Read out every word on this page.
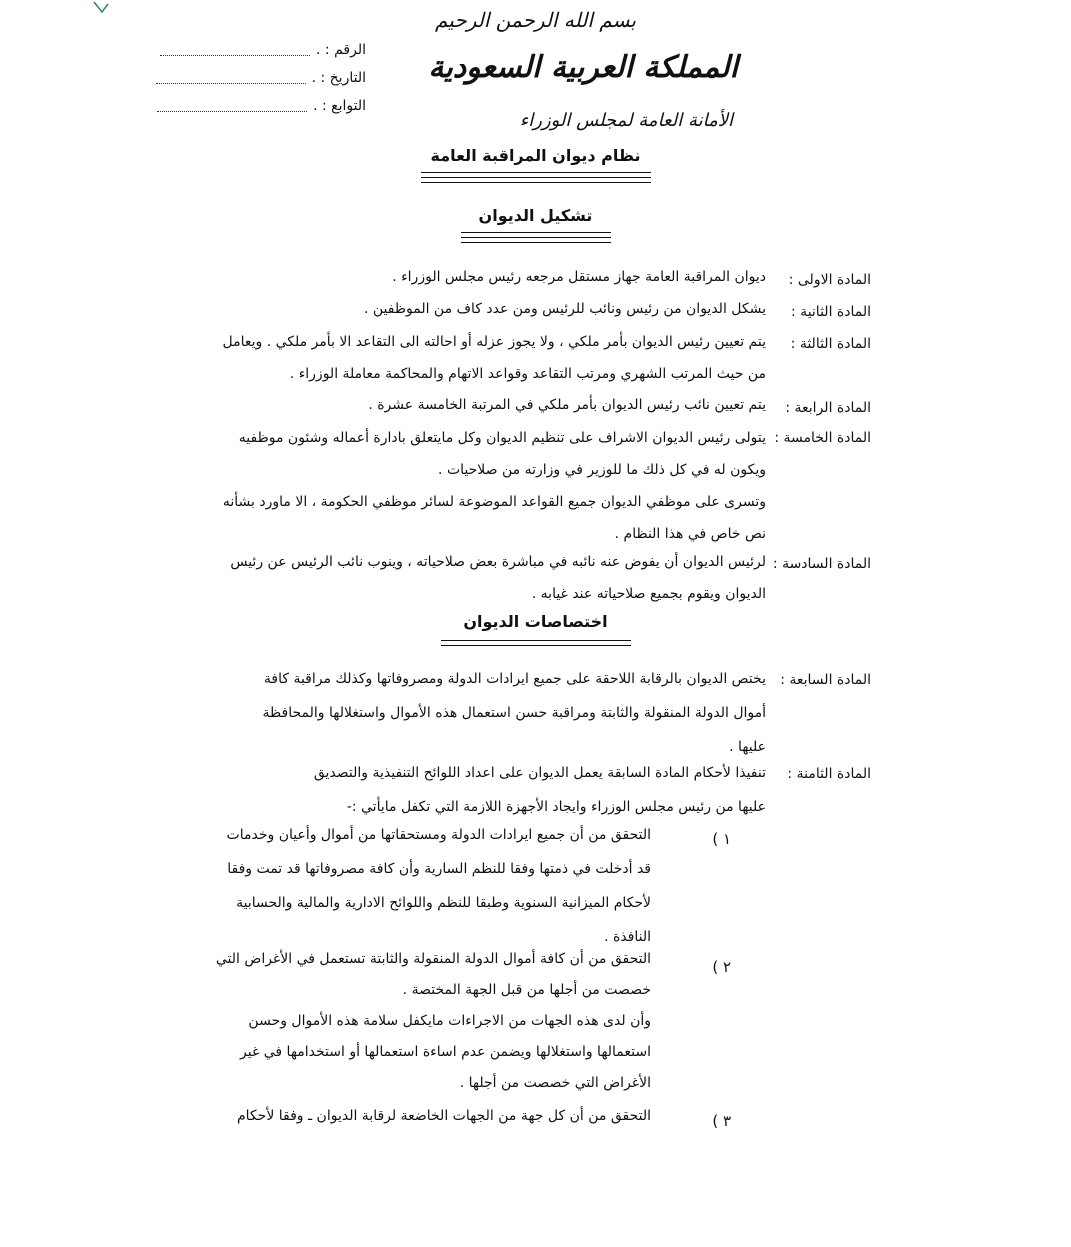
بسم الله الرحمن الرحيم
المملكة العربية السعودية
الأمانة العامة لمجلس الوزراء
الرقم : .
التاريخ : .
التوابع : .
نظام ديوان المراقبة العامة
تشكيل الديوان
المادة الاولى :
ديوان المراقبة العامة جهاز مستقل مرجعه رئيس مجلس الوزراء .
المادة الثانية :
يشكل الديوان من رئيس ونائب للرئيس ومن عدد كاف من الموظفين .
المادة الثالثة :
يتم تعيين رئيس الديوان بأمر ملكي ، ولا يجوز عزله أو احالته الى التقاعد الا بأمر ملكي . ويعامل
من حيث المرتب الشهري ومرتب التقاعد وقواعد الاتهام والمحاكمة معاملة الوزراء .
المادة الرابعة :
يتم تعيين نائب رئيس الديوان بأمر ملكي في المرتبة الخامسة عشرة .
المادة الخامسة :
يتولى رئيس الديوان الاشراف على تنظيم الديوان وكل مايتعلق بادارة أعماله وشئون موظفيه
ويكون له في كل ذلك ما للوزير في وزارته من صلاحيات .
وتسرى على موظفي الديوان جميع القواعد الموضوعة لسائر موظفي الحكومة ، الا ماورد بشأنه
نص خاص في هذا النظام .
المادة السادسة :
لرئيس الديوان أن يفوض عنه نائبه في مباشرة بعض صلاحياته ، وينوب نائب الرئيس عن رئيس
الديوان ويقوم بجميع صلاحياته عند غيابه .
اختصاصات الديوان
المادة السابعة :
يختص الديوان بالرقابة اللاحقة على جميع ايرادات الدولة ومصروفاتها وكذلك مراقبة كافة
أموال الدولة المنقولة والثابتة ومراقبة حسن استعمال هذه الأموال واستغلالها والمحافظة
عليها .
المادة الثامنة :
تنفيذا لأحكام المادة السابقة يعمل الديوان على اعداد اللوائح التنفيذية والتصديق
عليها من رئيس مجلس الوزراء وايجاد الأجهزة اللازمة التي تكفل مايأتي :-
١ )
التحقق من أن جميع ايرادات الدولة ومستحقاتها من أموال وأعيان وخدمات
قد أدخلت في ذمتها وفقا للنظم السارية وأن كافة مصروفاتها قد تمت وفقا
لأحكام الميزانية السنوية وطبقا للنظم واللوائح الادارية والمالية والحسابية
النافذة .
٢ )
التحقق من أن كافة أموال الدولة المنقولة والثابتة تستعمل في الأغراض التي
خصصت من أجلها من قبل الجهة المختصة .
وأن لدى هذه الجهات من الاجراءات مايكفل سلامة هذه الأموال وحسن
استعمالها واستغلالها ويضمن عدم اساءة استعمالها أو استخدامها في غير
الأغراض التي خصصت من أجلها .
٣ )
التحقق من أن كل جهة من الجهات الخاضعة لرقابة الديوان ـ وفقا لأحكام
